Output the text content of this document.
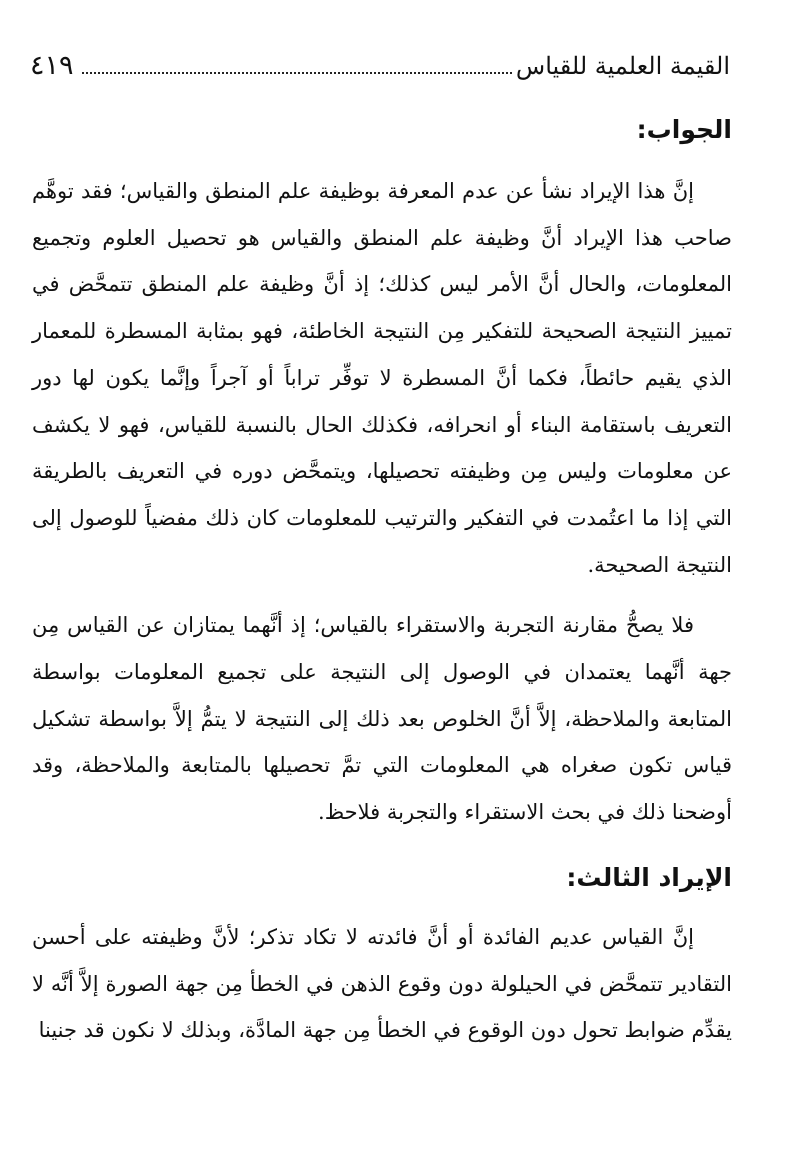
٤١٩	القيمة العلمية للقياس
الجواب:

إنَّ هذا الإيراد نشأ عن عدم المعرفة بوظيفة علم المنطق والقياس؛ فقد توهَّم صاحب هذا الإيراد أنَّ وظيفة علم المنطق والقياس هو تحصيل العلوم وتجميع المعلومات، والحال أنَّ الأمر ليس كذلك؛ إذ أنَّ وظيفة علم المنطق تتمحَّض في تمييز النتيجة الصحيحة للتفكير مِن النتيجة الخاطئة، فهو بمثابة المسطرة للمعمار الذي يقيم حائطاً، فكما أنَّ المسطرة لا توفِّر تراباً أو آجراً وإنَّما يكون لها دور التعريف باستقامة البناء أو انحرافه، فكذلك الحال بالنسبة للقياس، فهو لا يكشف عن معلومات وليس مِن وظيفته تحصيلها، ويتمحَّض دوره في التعريف بالطريقة التي إذا ما اعتُمدت في التفكير والترتيب للمعلومات كان ذلك مفضياً للوصول إلى النتيجة الصحيحة.

فلا يصحُّ مقارنة التجربة والاستقراء بالقياس؛ إذ أنَّهما يمتازان عن القياس مِن جهة أنَّهما يعتمدان في الوصول إلى النتيجة على تجميع المعلومات بواسطة المتابعة والملاحظة، إلاَّ أنَّ الخلوص بعد ذلك إلى النتيجة لا يتمُّ إلاَّ بواسطة تشكيل قياس تكون صغراه هي المعلومات التي تمَّ تحصيلها بالمتابعة والملاحظة، وقد أوضحنا ذلك في بحث الاستقراء والتجربة فلاحظ.

الإيراد الثالث:

إنَّ القياس عديم الفائدة أو أنَّ فائدته لا تكاد تذكر؛ لأنَّ وظيفته على أحسن التقادير تتمحَّض في الحيلولة دون وقوع الذهن في الخطأ مِن جهة الصورة إلاَّ أنَّه لا يقدِّم ضوابط تحول دون الوقوع في الخطأ مِن جهة المادَّة، وبذلك لا نكون قد جنينا
